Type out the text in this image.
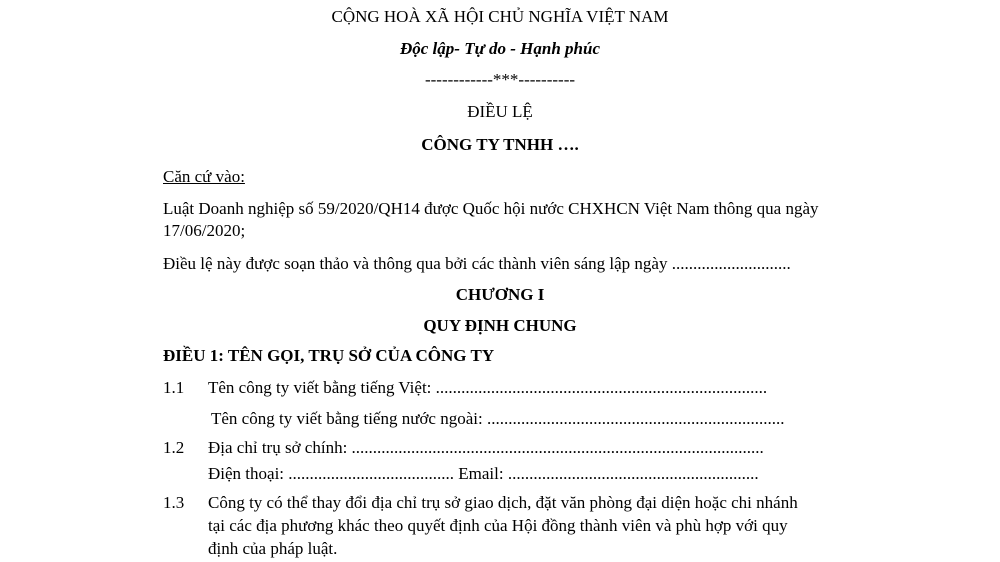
CỘNG HOÀ XÃ HỘI CHỦ NGHĨA VIỆT NAM
Độc lập- Tự do - Hạnh phúc
------------***----------
ĐIỀU LỆ
CÔNG TY TNHH ….
Căn cứ vào:
Luật Doanh nghiệp số 59/2020/QH14 được Quốc hội nước CHXHCN Việt Nam thông qua ngày
17/06/2020;
Điều lệ này được soạn thảo và thông qua bởi các thành viên sáng lập ngày ............................
CHƯƠNG I
QUY ĐỊNH CHUNG
ĐIỀU 1: TÊN GỌI, TRỤ SỞ CỦA CÔNG TY
1.1 Tên công ty viết bằng tiếng Việt: ..............................................................................
Tên công ty viết bằng tiếng nước ngoài: ......................................................................
1.2 Địa chỉ trụ sở chính: .................................................................................................
Điện thoại: ....................................... Email: ...........................................................
1.3 Công ty có thể thay đổi địa chỉ trụ sở giao dịch, đặt văn phòng đại diện hoặc chi nhánh
tại các địa phương khác theo quyết định của Hội đồng thành viên và phù hợp với quy
định của pháp luật.
